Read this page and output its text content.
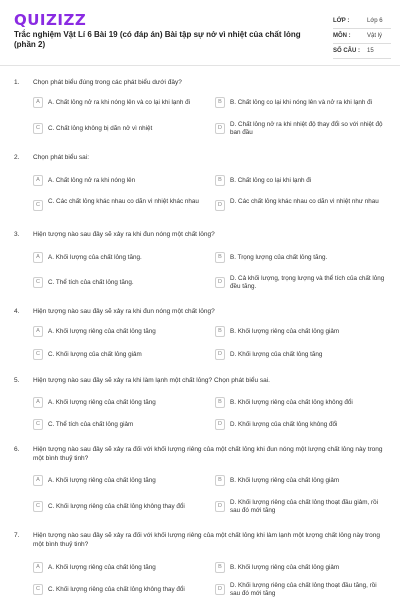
QUIZIZZ
Trắc nghiệm Vật Lí 6 Bài 19 (có đáp án) Bài tập sự nở vì nhiệt của chất lỏng (phần 2)
LỚP :	Lớp 6
MÔN :	Vật lý
SỐ CÂU : 15
1. Chọn phát biểu đúng trong các phát biểu dưới đây?
A	A. Chất lỏng nở ra khi nóng lên và co lại khi lạnh đi	B	B. Chất lỏng co lại khi nóng lên và nở ra khi lạnh đi
C	C. Chất lỏng không bị dãn nở vì nhiệt	D	D. Chất lỏng nở ra khi nhiệt độ thay đổi so với nhiệt độ ban đầu
2. Chọn phát biểu sai:
A	A. Chất lỏng nở ra khi nóng lên	B	B. Chất lỏng co lại khi lạnh đi
C	C. Các chất lỏng khác nhau co dãn vì nhiệt khác nhau	D	D. Các chất lỏng khác nhau co dãn vì nhiệt như nhau
3. Hiện tượng nào sau đây sẽ xảy ra khi đun nóng một chất lỏng?
A	A. Khối lượng của chất lỏng tăng.	B	B. Trọng lượng của chất lỏng tăng.
C	C. Thể tích của chất lỏng tăng.	D	D. Cả khối lượng, trọng lượng và thể tích của chất lỏng đều tăng.
4. Hiện tượng nào sau đây sẽ xảy ra khi đun nóng một chất lỏng?
A	A. Khối lượng riêng của chất lỏng tăng	B	B. Khối lượng riêng của chất lỏng giảm
C	C. Khối lượng của chất lỏng giảm	D	D. Khối lượng của chất lỏng tăng
5. Hiện tượng nào sau đây sẽ xảy ra khi làm lạnh một chất lỏng? Chọn phát biểu sai.
A	A. Khối lượng riêng của chất lỏng tăng	B	B. Khối lượng riêng của chất lỏng không đổi
C	C. Thể tích của chất lỏng giảm	D	D. Khối lượng của chất lỏng không đổi
6. Hiện tượng nào sau đây sẽ xảy ra đối với khối lượng riêng của một chất lỏng khi đun nóng một lượng chất lỏng này trong một bình thuỷ tinh?
A	A. Khối lượng riêng của chất lỏng tăng	B	B. Khối lượng riêng của chất lỏng giảm
C	C. Khối lượng riêng của chất lỏng không thay đổi	D	D. Khối lượng riêng của chất lỏng thoạt đầu giảm, rồi sau đó mới tăng
7. Hiện tượng nào sau đây sẽ xảy ra đối với khối lượng riêng của một chất lỏng khi làm lạnh một lượng chất lỏng này trong một bình thuỷ tinh?
A	A. Khối lượng riêng của chất lỏng tăng	B	B. Khối lượng riêng của chất lỏng giảm
C	C. Khối lượng riêng của chất lỏng không thay đổi	D	D. Khối lượng riêng của chất lỏng thoạt đầu tăng, rồi sau đó mới tăng
